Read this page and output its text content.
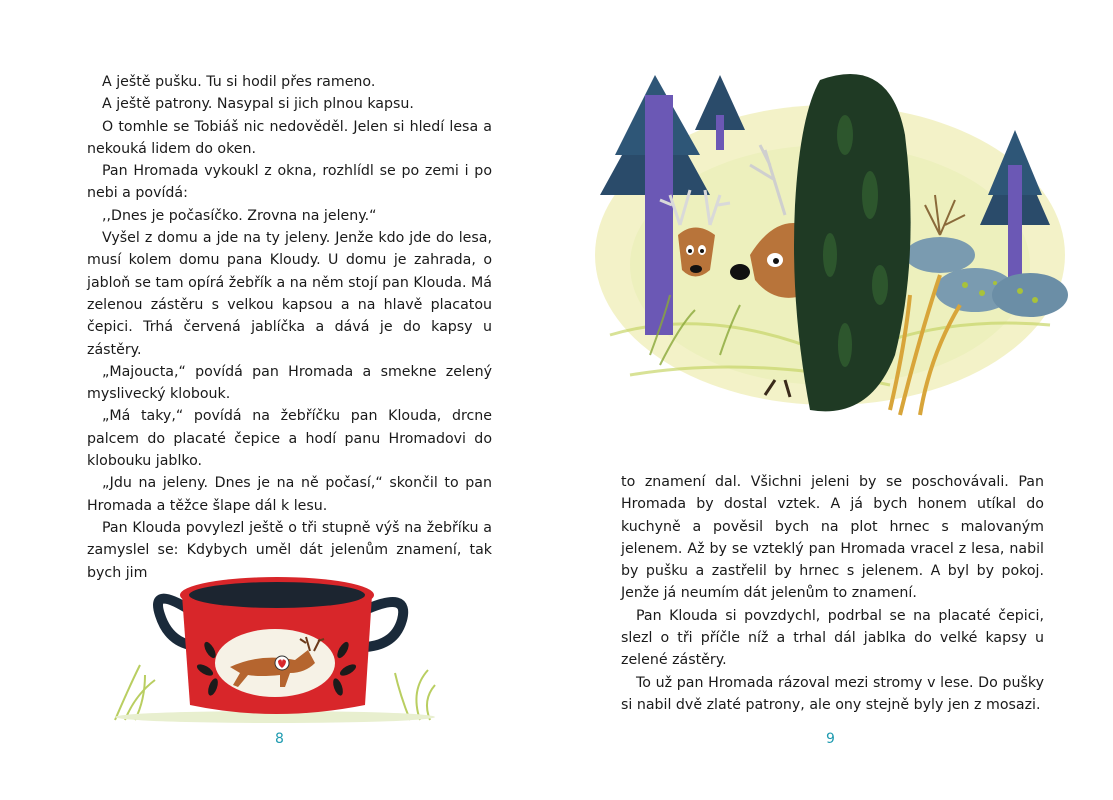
A ještě pušku. Tu si hodil přes rameno.

A ještě patrony. Nasypal si jich plnou kapsu.

O tomhle se Tobiáš nic nedověděl. Jelen si hledí lesa a nekouká lidem do oken.

Pan Hromada vykoukl z okna, rozhlídl se po zemi i po nebi a povídá:

,,Dnes je počasíčko. Zrovna na jeleny.“

Vyšel z domu a jde na ty jeleny. Jenže kdo jde do lesa, musí kolem domu pana Kloudy. U domu je zahrada, o jabloň se tam opírá žebřík a na něm stojí pan Klouda. Má zelenou zástěru s velkou kapsou a na hlavě placatou čepici. Trhá červená jablíčka a dává je do kapsy u zástěry.

„Majoucta,“ povídá pan Hromada a smekne zelený myslivecký klobouk.

„Má taky,“ povídá na žebříčku pan Klouda, drcne palcem do placaté čepice a hodí panu Hromadovi do klobouku jablko.

„Jdu na jeleny. Dnes je na ně počasí,“ skončil to pan Hromada a těžce šlape dál k lesu.

Pan Klouda povylezl ještě o tři stupně výš na žebříku a zamyslel se: Kdybych uměl dát jelenům znamení, tak bych jim

8

to znamení dal. Všichni jeleni by se poschovávali. Pan Hromada by dostal vztek. A já bych honem utíkal do kuchyně a pověsil bych na plot hrnec s malovaným jelenem. Až by se vzteklý pan Hromada vracel z lesa, nabil by pušku a zastřelil by hrnec s jelenem. A byl by pokoj. Jenže já neumím dát jelenům to znamení.

Pan Klouda si povzdychl, podrbal se na placaté čepici, slezl o tři příčle níž a trhal dál jablka do velké kapsy u zelené zástěry.

To už pan Hromada rázoval mezi stromy v lese. Do pušky si nabil dvě zlaté patrony, ale ony stejně byly jen z mosazi.

9
